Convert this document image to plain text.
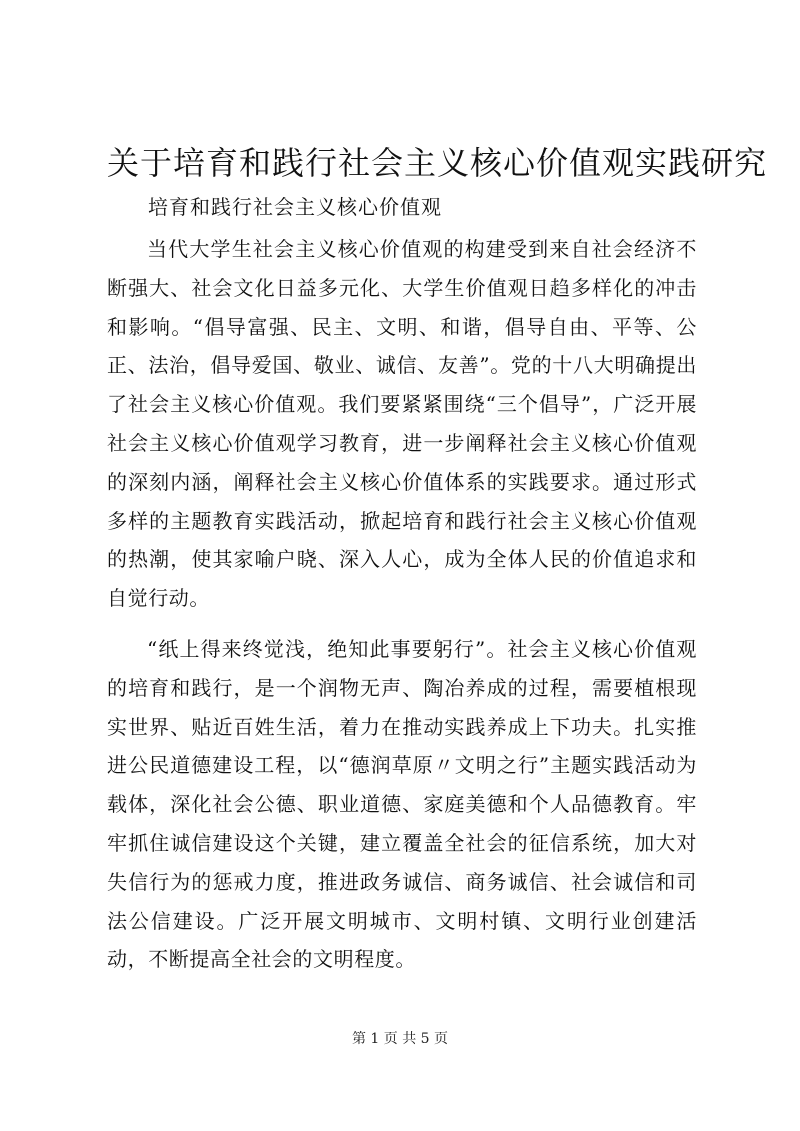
关于培育和践行社会主义核心价值观实践研究

培育和践行社会主义核心价值观

当代大学生社会主义核心价值观的构建受到来自社会经济不断强大、社会文化日益多元化、大学生价值观日趋多样化的冲击和影响。“倡导富强、民主、文明、和谐，倡导自由、平等、公正、法治，倡导爱国、敬业、诚信、友善”。党的十八大明确提出了社会主义核心价值观。我们要紧紧围绕“三个倡导”，广泛开展社会主义核心价值观学习教育，进一步阐释社会主义核心价值观的深刻内涵，阐释社会主义核心价值体系的实践要求。通过形式多样的主题教育实践活动，掀起培育和践行社会主义核心价值观的热潮，使其家喻户晓、深入人心，成为全体人民的价值追求和自觉行动。

“纸上得来终觉浅，绝知此事要躬行”。社会主义核心价值观的培育和践行，是一个润物无声、陶冶养成的过程，需要植根现实世界、贴近百姓生活，着力在推动实践养成上下功夫。扎实推进公民道德建设工程，以“德润草原〃文明之行”主题实践活动为载体，深化社会公德、职业道德、家庭美德和个人品德教育。牢牢抓住诚信建设这个关键，建立覆盖全社会的征信系统，加大对失信行为的惩戒力度，推进政务诚信、商务诚信、社会诚信和司法公信建设。广泛开展文明城市、文明村镇、文明行业创建活动，不断提高全社会的文明程度。

第 1 页 共 5 页
